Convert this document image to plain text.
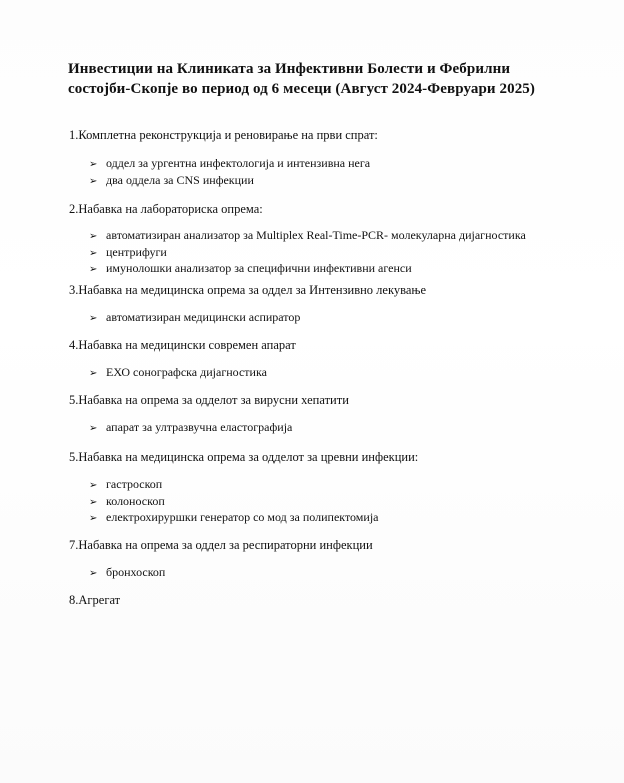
Инвестиции на Клиниката за Инфективни Болести и Фебрилни
состојби-Скопје во период од 6 месеци (Август 2024-Февруари 2025)
1.Комплетна реконструкција и реновирање на први спрат:
➢ оддел за ургентна инфектологија и интензивна нега
➢ два оддела за CNS инфекции
2.Набавка на лабораториска опрема:
➢ автоматизиран анализатор за Multiplex Real-Time-PCR- молекуларна дијагностика
➢ центрифуги
➢ имунолошки анализатор за специфични инфективни агенси
3.Набавка на медицинска опрема за оддел за Интензивно лекување
➢ автоматизиран медицински аспиратор
4.Набавка на медицински современ апарат
➢ ЕХО сонографска дијагностика
5.Набавка на опрема за одделот за вирусни хепатити
➢ апарат за ултразвучна еластографија
5.Набавка на медицинска опрема за одделот за цревни инфекции:
➢ гастроскоп
➢ колоноскоп
➢ електрохируршки генератор со мод за полипектомија
7.Набавка на опрема за оддел за респираторни инфекции
➢ бронхоскоп
8.Агрегат
